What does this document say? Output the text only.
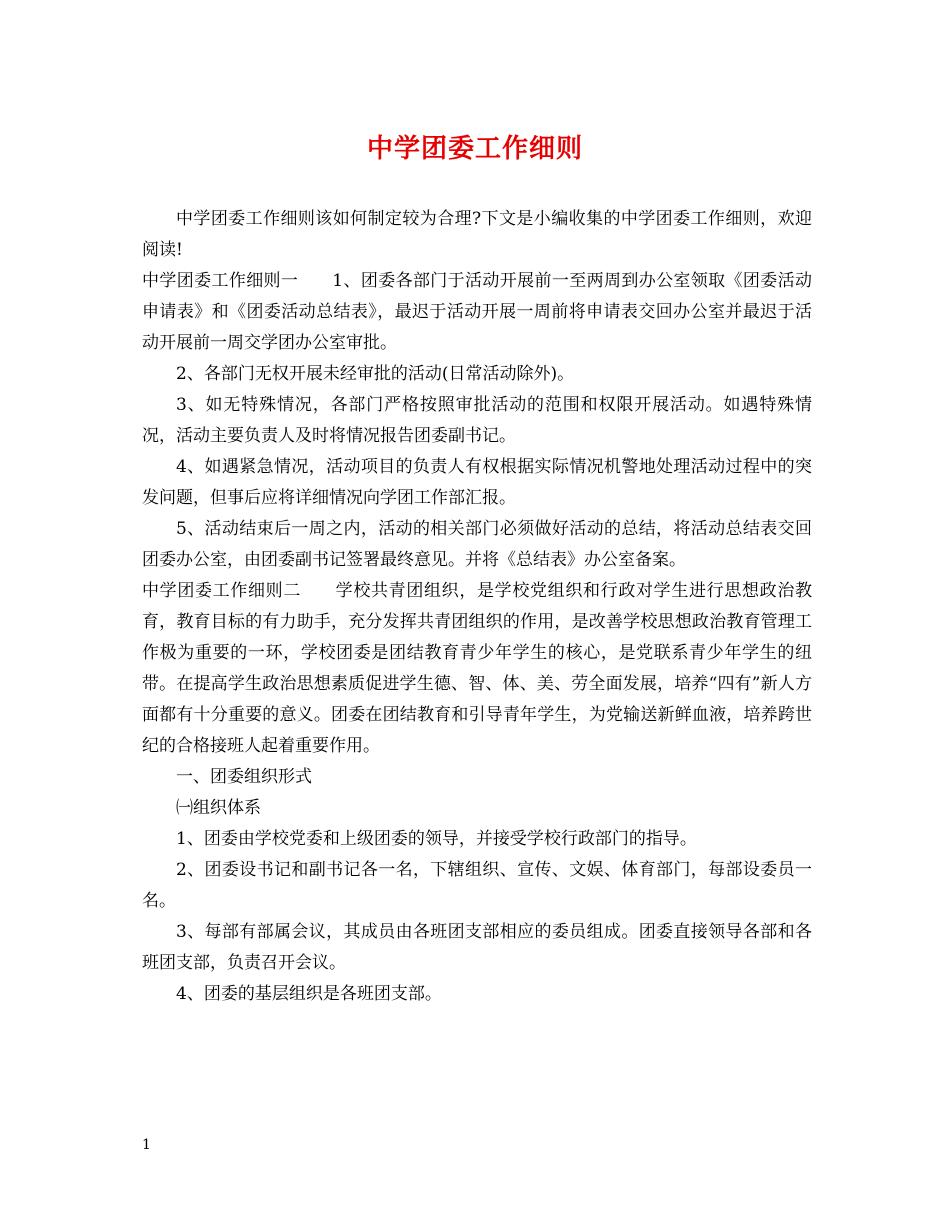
中学团委工作细则

中学团委工作细则该如何制定较为合理?下文是小编收集的中学团委工作细则，欢迎阅读!

中学团委工作细则一 1、团委各部门于活动开展前一至两周到办公室领取《团委活动申请表》和《团委活动总结表》，最迟于活动开展一周前将申请表交回办公室并最迟于活动开展前一周交学团办公室审批。

2、各部门无权开展未经审批的活动(日常活动除外)。

3、如无特殊情况，各部门严格按照审批活动的范围和权限开展活动。如遇特殊情况，活动主要负责人及时将情况报告团委副书记。

4、如遇紧急情况，活动项目的负责人有权根据实际情况机警地处理活动过程中的突发问题，但事后应将详细情况向学团工作部汇报。

5、活动结束后一周之内，活动的相关部门必须做好活动的总结，将活动总结表交回团委办公室，由团委副书记签署最终意见。并将《总结表》办公室备案。

中学团委工作细则二 学校共青团组织，是学校党组织和行政对学生进行思想政治教育，教育目标的有力助手，充分发挥共青团组织的作用，是改善学校思想政治教育管理工作极为重要的一环，学校团委是团结教育青少年学生的核心，是党联系青少年学生的纽带。在提高学生政治思想素质促进学生德、智、体、美、劳全面发展，培养“四有”新人方面都有十分重要的意义。团委在团结教育和引导青年学生，为党输送新鲜血液，培养跨世纪的合格接班人起着重要作用。

一、团委组织形式

㈠组织体系

1、团委由学校党委和上级团委的领导，并接受学校行政部门的指导。

2、团委设书记和副书记各一名，下辖组织、宣传、文娱、体育部门，每部设委员一名。

3、每部有部属会议，其成员由各班团支部相应的委员组成。团委直接领导各部和各班团支部，负责召开会议。

4、团委的基层组织是各班团支部。

1
